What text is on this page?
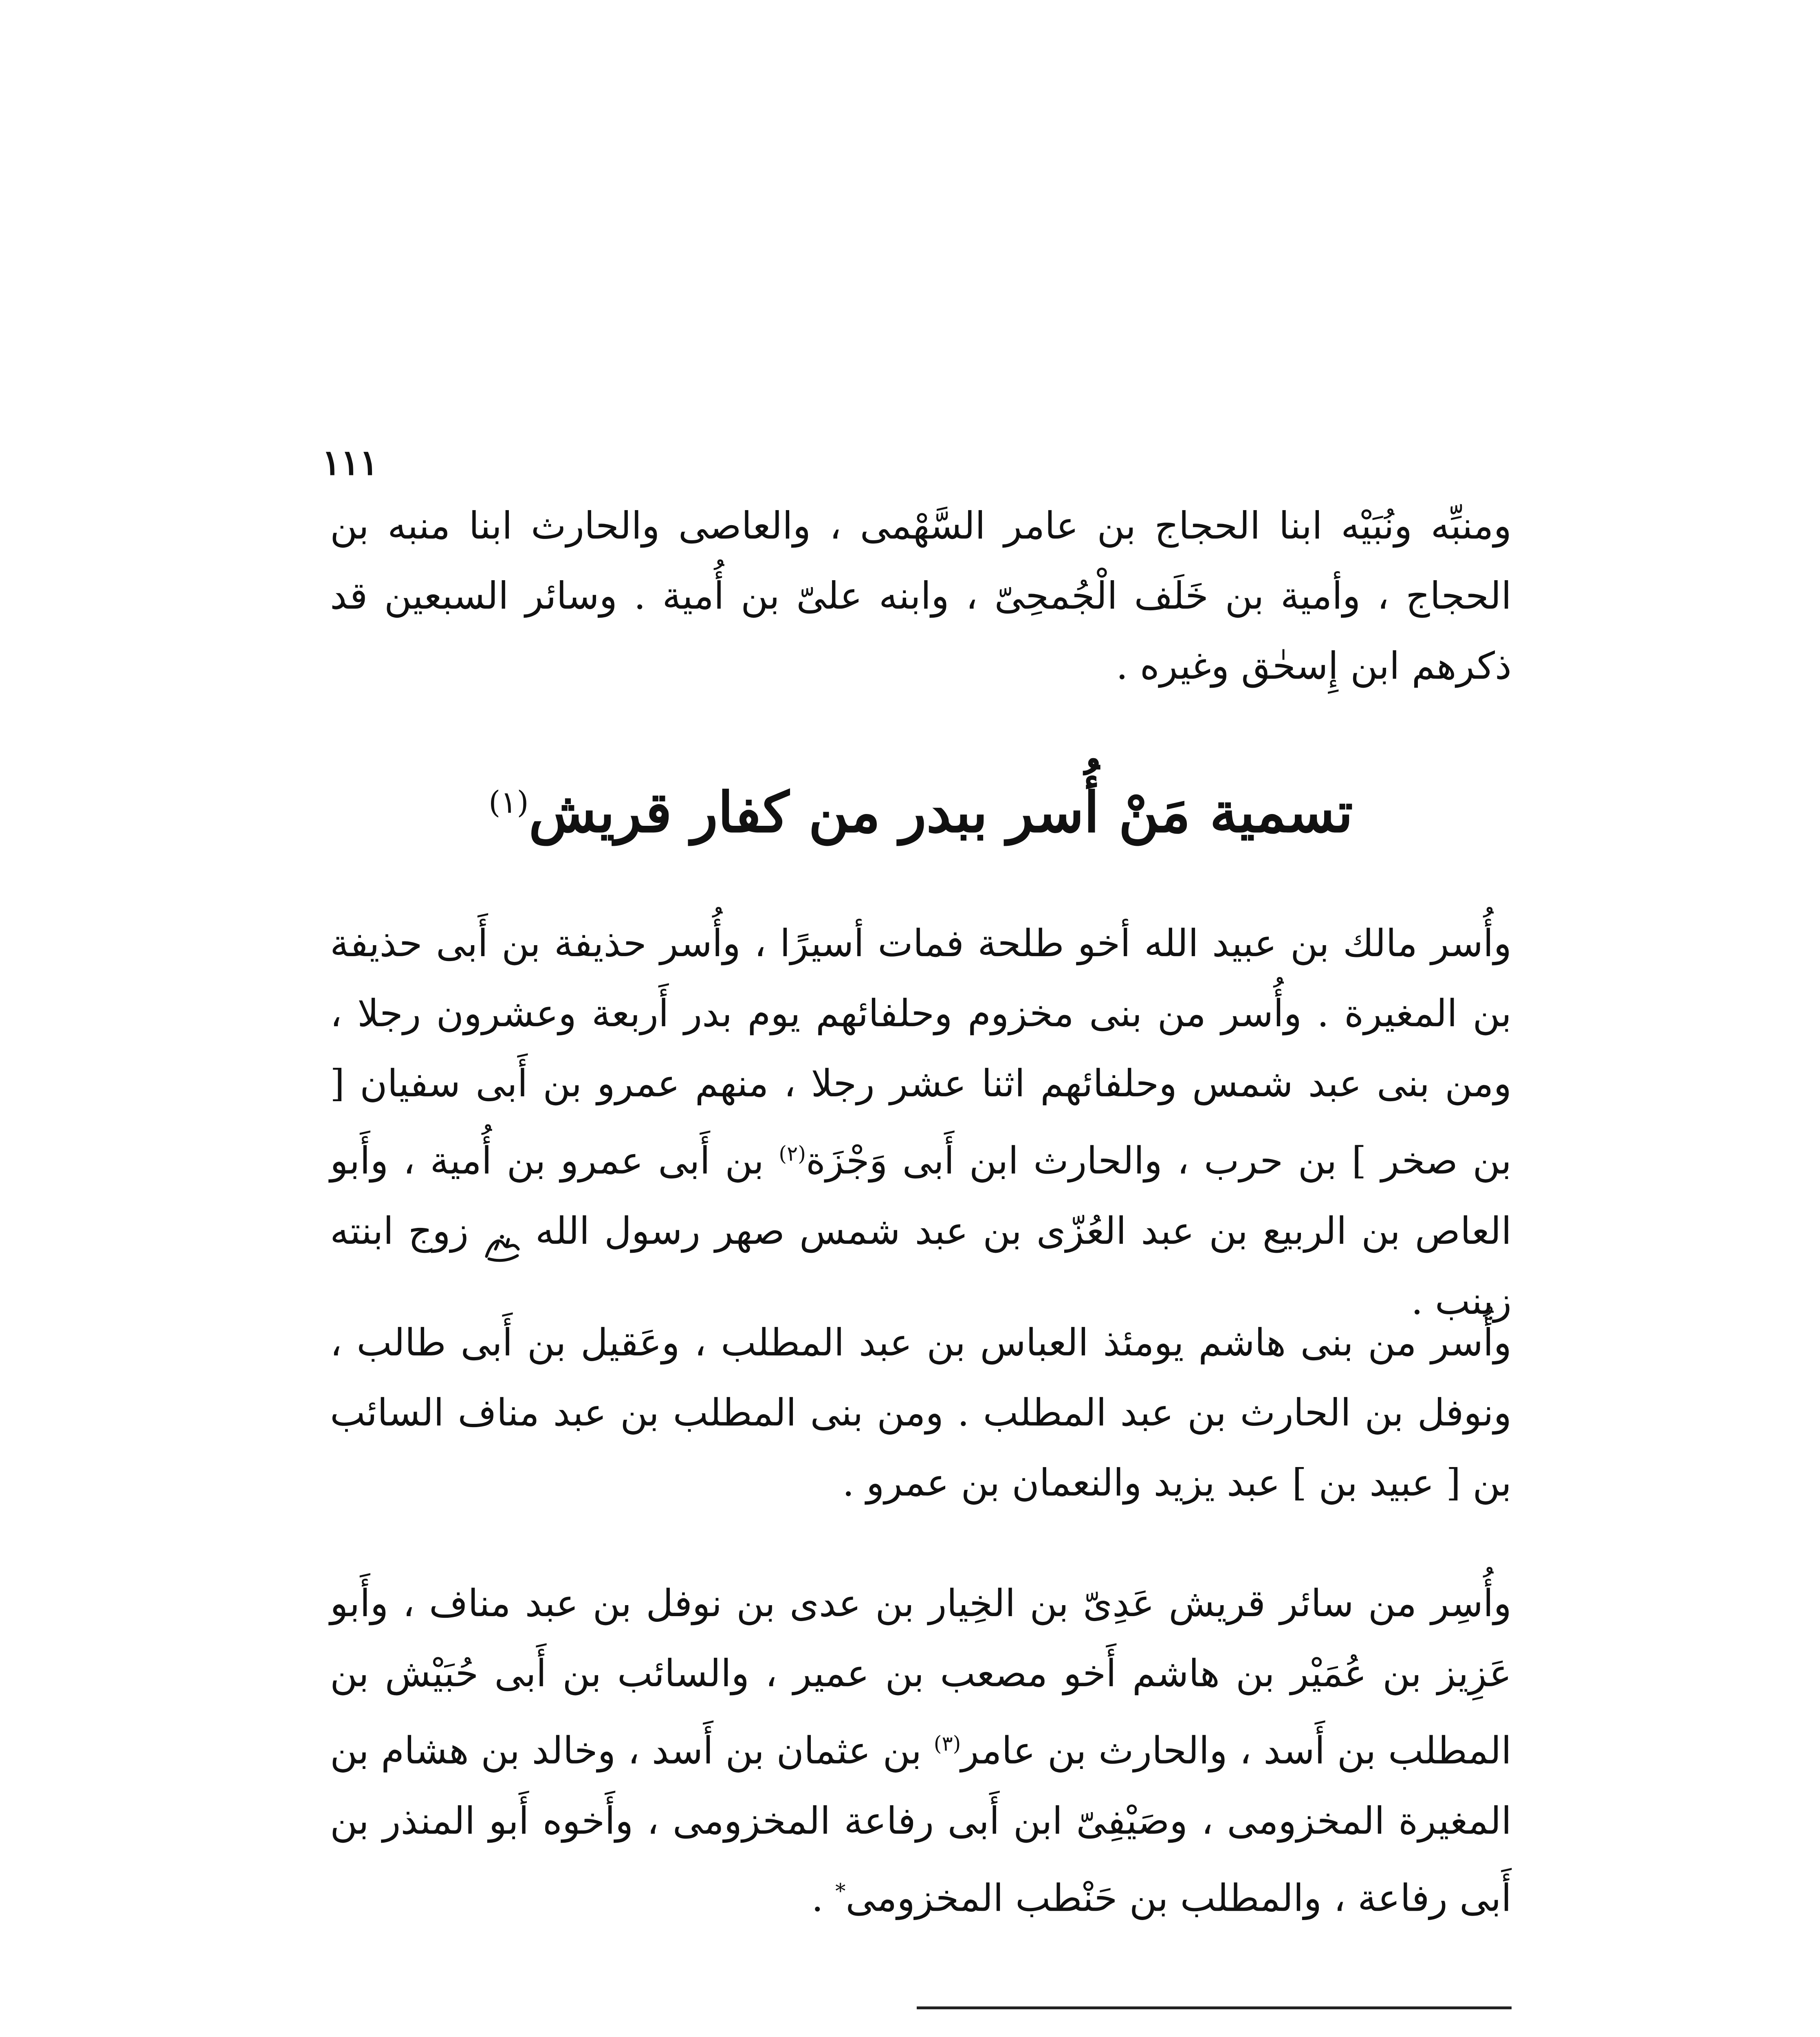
١١١

ومنبِّه ونُبَيْه ابنا الحجاج بن عامر السَّهْمى ، والعاصى والحارث ابنا منبه بن الحجاج ، وأمية بن خَلَف الْجُمحِىّ ، وابنه علىّ بن أُمية . وسائر السبعين قد ذكرهم ابن إِسحٰق وغيره .

تسمية مَنْ أُسر ببدر من كفار قريش$^{(١)}$

وأُسر مالك بن عبيد الله أخو طلحة فمات أسيرًا ، وأُسر حذيفة بن أَبى حذيفة بن المغيرة . وأُسر من بنى مخزوم وحلفائهم يوم بدر أَربعة وعشرون رجلا ، ومن بنى عبد شمس وحلفائهم اثنا عشر رجلا ، منهم عمرو بن أَبى سفيان [ بن صخر ] بن حرب ، والحارث ابن أَبى وَجْزَة$^{(٢)}$ بن أَبى عمرو بن أُمية ، وأَبو العاص بن الربيع بن عبد العُزّى بن عبد شمس صهر رسول الله  زوج ابنته زينب .

وأُسر من بنى هاشم يومئذ العباس بن عبد المطلب ، وعَقيل بن أَبى طالب ، ونوفل بن الحارث بن عبد المطلب . ومن بنى المطلب بن عبد مناف السائب بن [ عبيد بن ] عبد يزيد والنعمان بن عمرو .

وأُسِر من سائر قريش عَدِىّ بن الخِيار بن عدى بن نوفل بن عبد مناف ، وأَبو عَزِيز بن عُمَيْر بن هاشم أَخو مصعب بن عمير ، والسائب بن أَبى حُبَيْش بن المطلب بن أَسد ، والحارث بن عامر$^{(٣)}$ بن عثمان بن أَسد ، وخالد بن هشام بن المغيرة المخزومى ، وصَيْفِىّ ابن أَبى رفاعة المخزومى ، وأَخوه أَبو المنذر بن أَبى رفاعة ، والمطلب بن حَنْطب المخزومى* .
